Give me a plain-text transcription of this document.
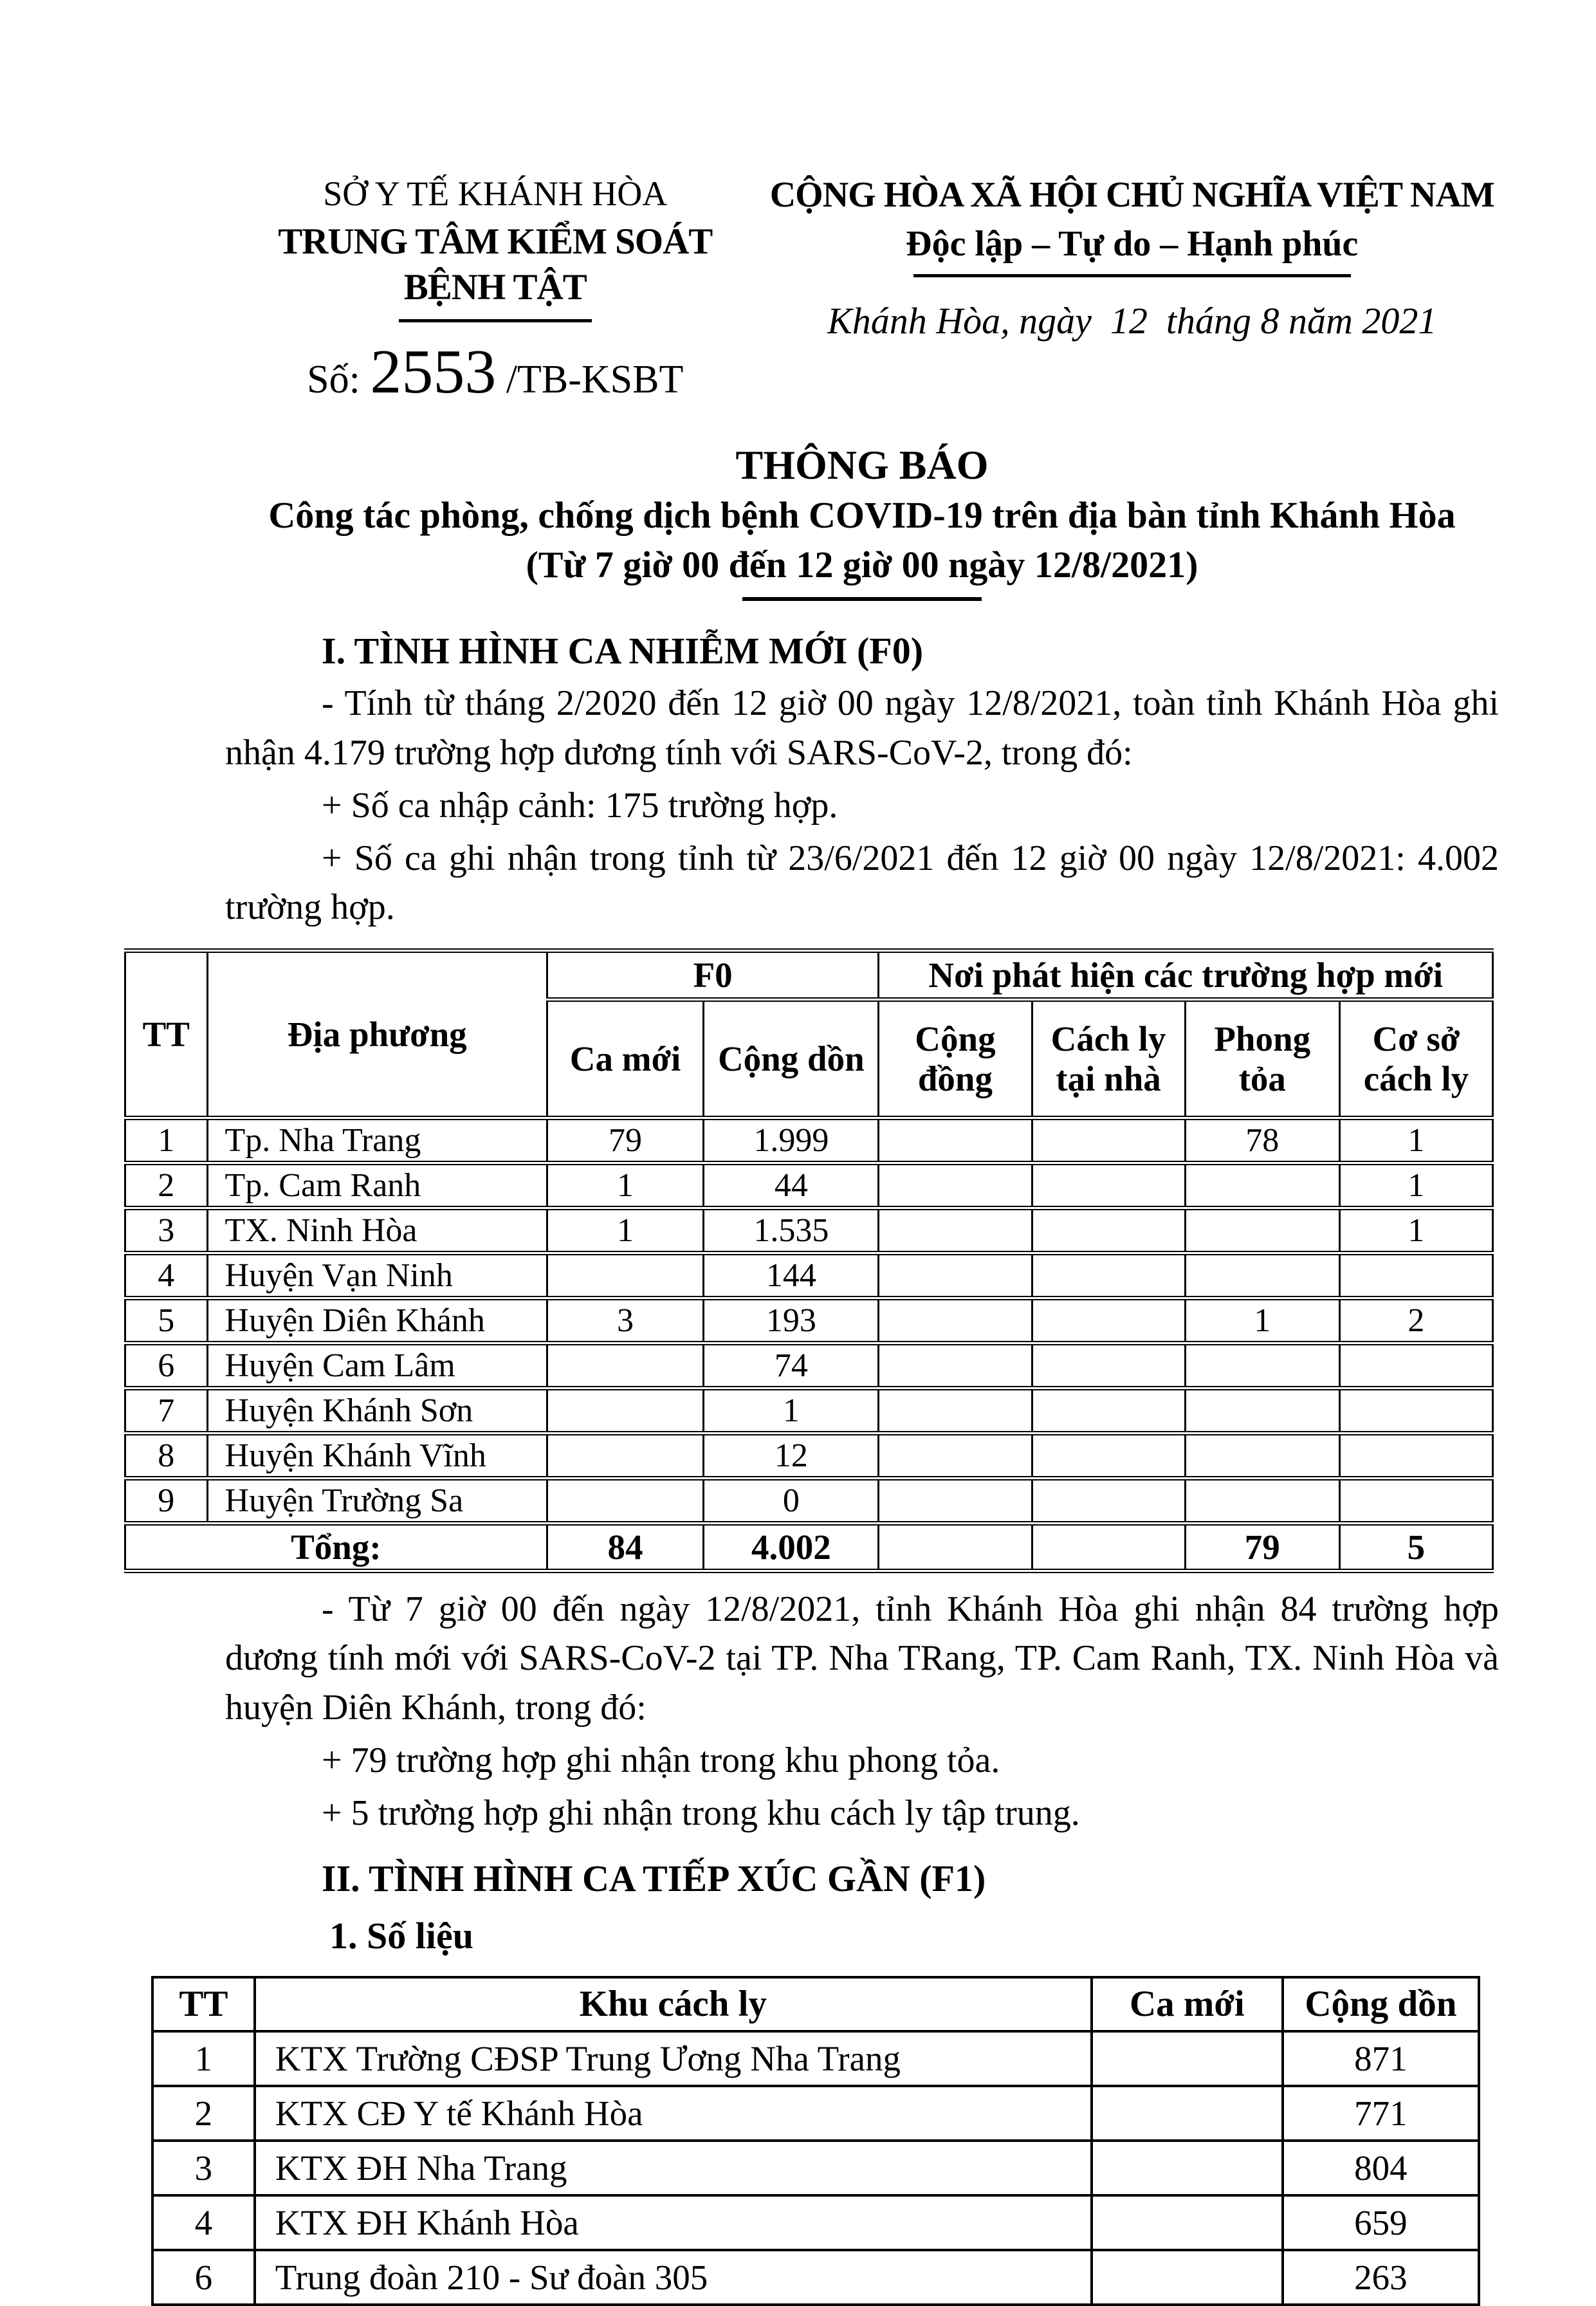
SỞ Y TẾ KHÁNH HÒA
TRUNG TÂM KIỂM SOÁT BỆNH TẬT
Số: 2553 /TB-KSBT
CỘNG HÒA XÃ HỘI CHỦ NGHĨA VIỆT NAM
Độc lập – Tự do – Hạnh phúc
Khánh Hòa, ngày  12  tháng 8 năm 2021
THÔNG BÁO
Công tác phòng, chống dịch bệnh COVID-19 trên địa bàn tỉnh Khánh Hòa
(Từ 7 giờ 00 đến 12 giờ 00 ngày 12/8/2021)
I. TÌNH HÌNH CA NHIỄM MỚI (F0)
- Tính từ tháng 2/2020 đến 12 giờ 00 ngày 12/8/2021, toàn tỉnh Khánh Hòa ghi nhận 4.179 trường hợp dương tính với SARS-CoV-2, trong đó:
+ Số ca nhập cảnh: 175 trường hợp.
+ Số ca ghi nhận trong tỉnh từ 23/6/2021 đến 12 giờ 00 ngày 12/8/2021: 4.002 trường hợp.
TT	Địa phương	F0		Nơi phát hiện các trường hợp mới			
		Ca mới	Cộng dồn	Cộng đồng	Cách ly tại nhà	Phong tỏa	Cơ sở cách ly
1	Tp. Nha Trang	79	1.999			78	1
2	Tp. Cam Ranh	1	44				1
3	TX. Ninh Hòa	1	1.535				1
4	Huyện Vạn Ninh		144				
5	Huyện Diên Khánh	3	193			1	2
6	Huyện Cam Lâm		74				
7	Huyện Khánh Sơn		1				
8	Huyện Khánh Vĩnh		12				
9	Huyện Trường Sa		0				
Tổng:		84	4.002			79	5
- Từ 7 giờ 00 đến ngày 12/8/2021, tỉnh Khánh Hòa ghi nhận 84 trường hợp dương tính mới với SARS-CoV-2 tại TP. Nha TRang, TP. Cam Ranh, TX. Ninh Hòa và huyện Diên Khánh, trong đó:
+ 79 trường hợp ghi nhận trong khu phong tỏa.
+ 5 trường hợp ghi nhận trong khu cách ly tập trung.
II. TÌNH HÌNH CA TIẾP XÚC GẦN (F1)
1. Số liệu
TT	Khu cách ly	Ca mới	Cộng dồn
1	KTX Trường CĐSP Trung Ương Nha Trang		871
2	KTX CĐ Y tế Khánh Hòa		771
3	KTX ĐH Nha Trang		804
4	KTX ĐH Khánh Hòa		659
6	Trung đoàn 210 - Sư đoàn 305		263
